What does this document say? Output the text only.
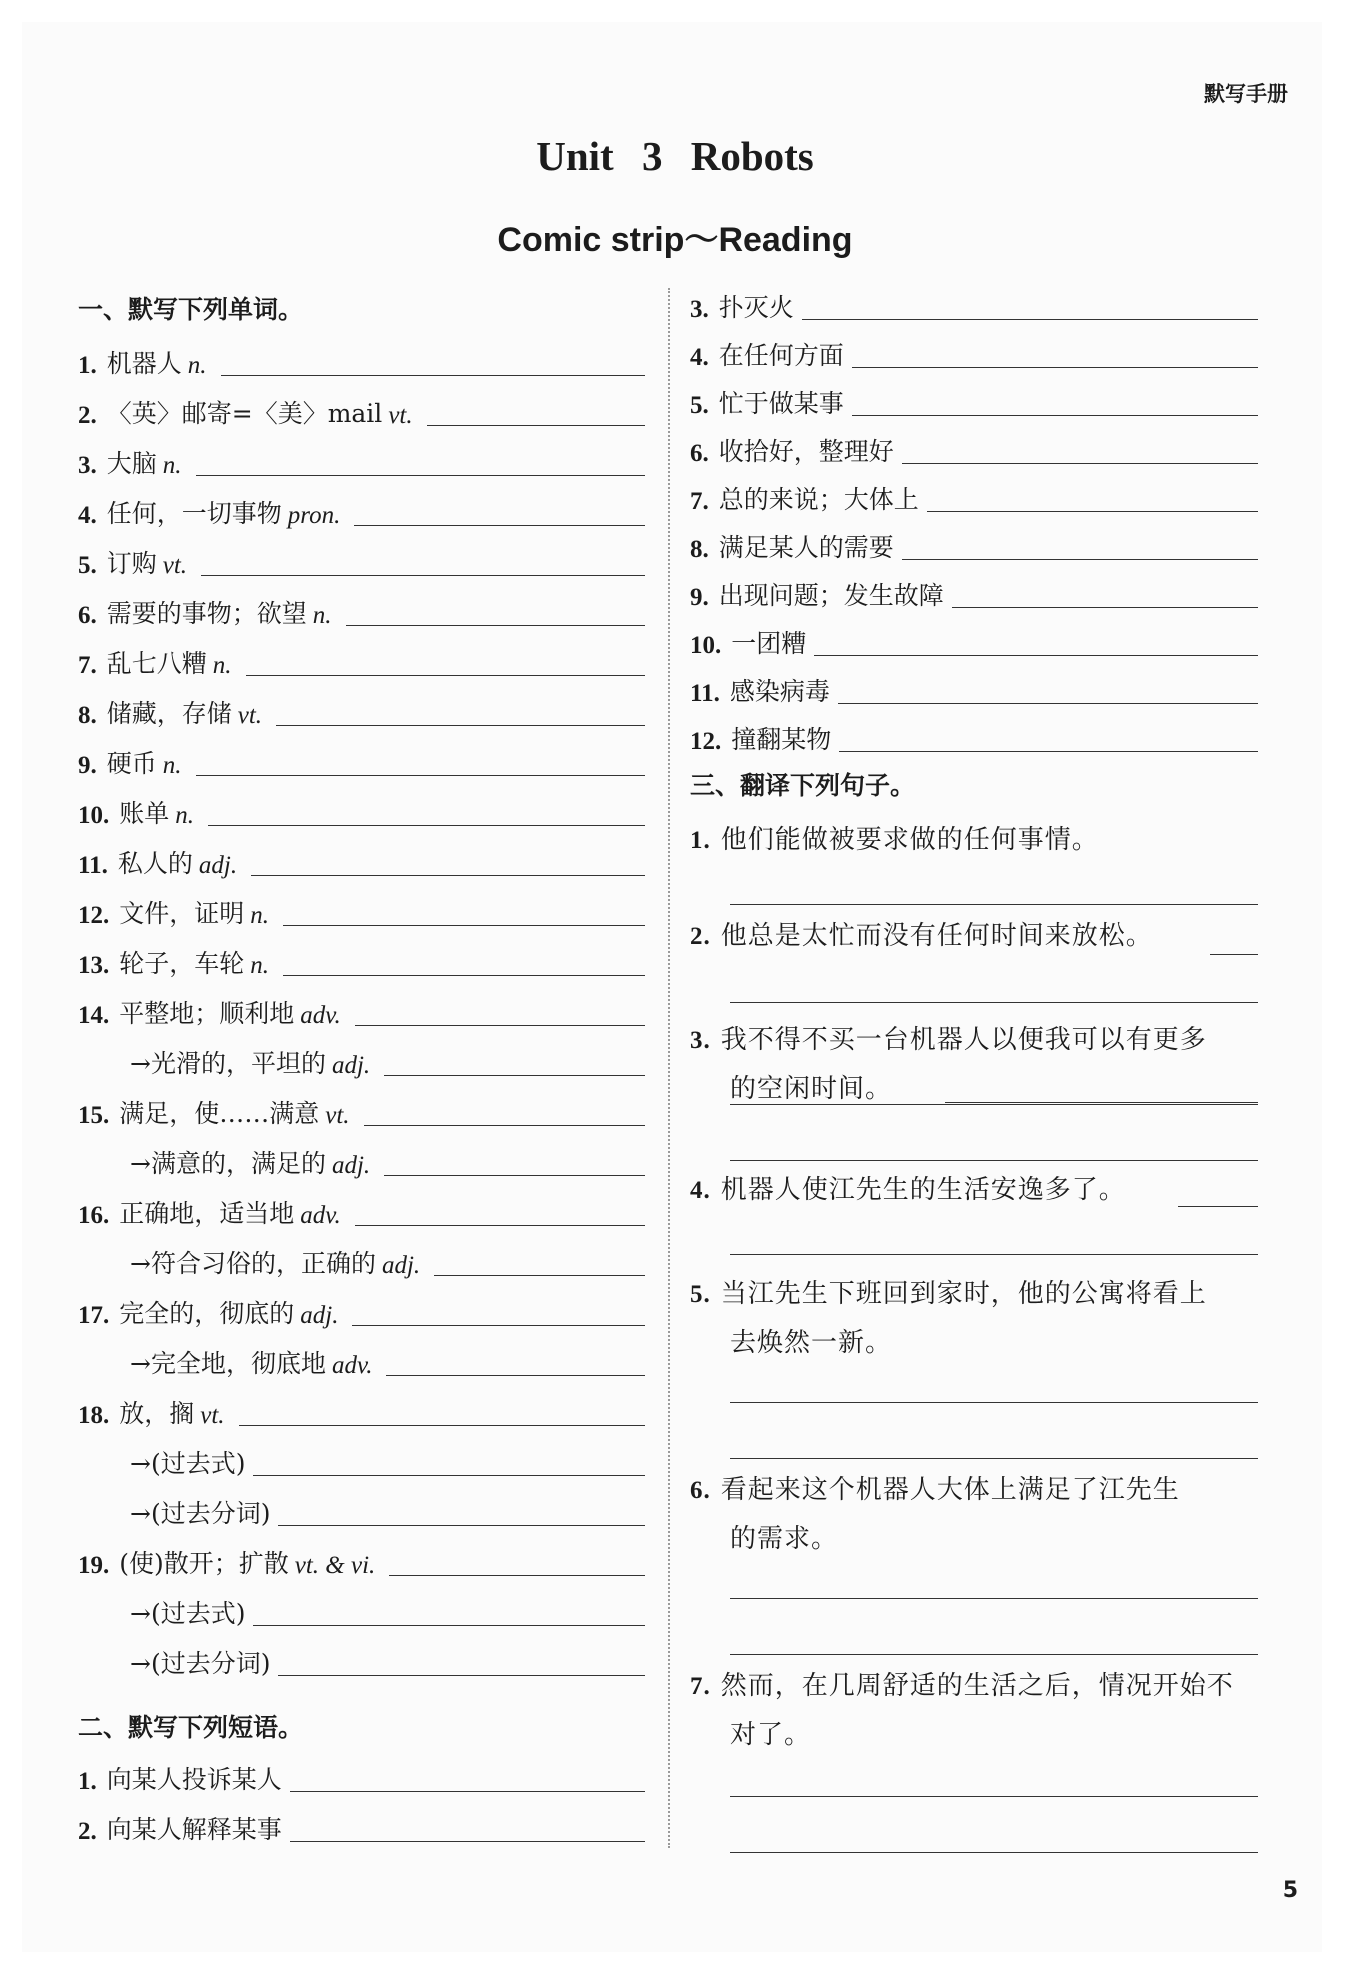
默写手册
Unit 3 Robots
Comic strip～Reading
一、默写下列单词。
1. 机器人 n.
2. 〈英〉邮寄=〈美〉mail vt.
3. 大脑 n.
4. 任何，一切事物 pron.
5. 订购 vt.
6. 需要的事物；欲望 n.
7. 乱七八糟 n.
8. 储藏，存储 vt.
9. 硬币 n.
10. 账单 n.
11. 私人的 adj.
12. 文件，证明 n.
13. 轮子，车轮 n.
14. 平整地；顺利地 adv.
→光滑的，平坦的 adj.
15. 满足，使……满意 vt.
→满意的，满足的 adj.
16. 正确地，适当地 adv.
→符合习俗的，正确的 adj.
17. 完全的，彻底的 adj.
→完全地，彻底地 adv.
18. 放，搁 vt.
→(过去式)
→(过去分词)
19. (使)散开；扩散 vt. & vi.
→(过去式)
→(过去分词)
二、默写下列短语。
1. 向某人投诉某人
2. 向某人解释某事
3. 扑灭火
4. 在任何方面
5. 忙于做某事
6. 收拾好，整理好
7. 总的来说；大体上
8. 满足某人的需要
9. 出现问题；发生故障
10. 一团糟
11. 感染病毒
12. 撞翻某物
三、翻译下列句子。
1. 他们能做被要求做的任何事情。
2. 他总是太忙而没有任何时间来放松。
3. 我不得不买一台机器人以便我可以有更多
的空闲时间。
4. 机器人使江先生的生活安逸多了。
5. 当江先生下班回到家时，他的公寓将看上
去焕然一新。
6. 看起来这个机器人大体上满足了江先生
的需求。
7. 然而，在几周舒适的生活之后，情况开始不
对了。
5
